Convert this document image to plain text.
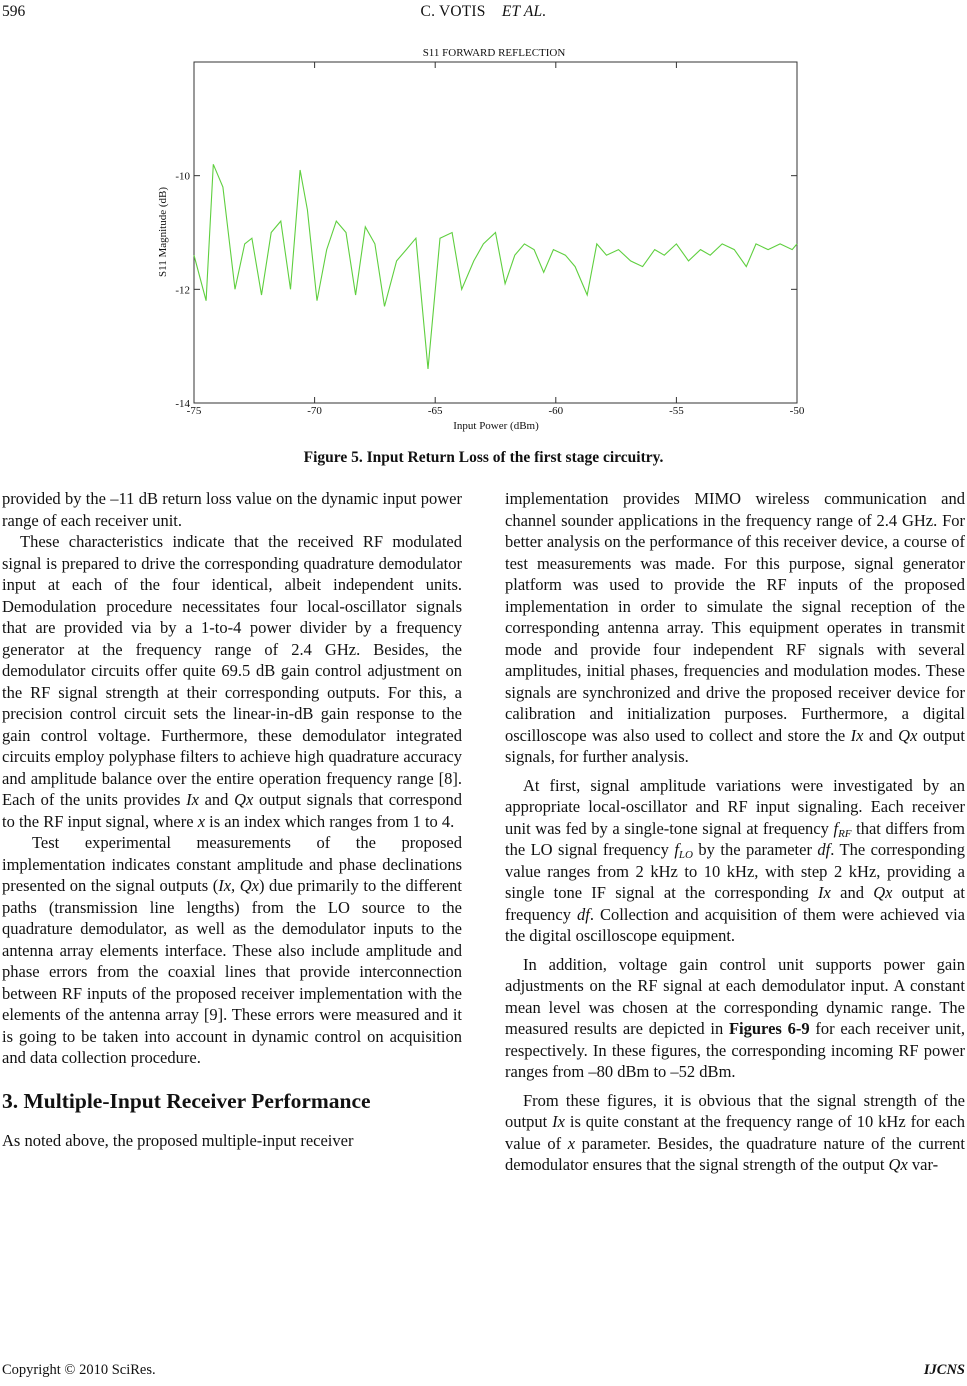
596	C. VOTIS ET AL.
S11 FORWARD REFLECTION
-14
-12
-10
-75	-70	-65	-60	-55	-50
S11 Magnitude (dB)
Input Power (dBm)
Figure 5. Input Return Loss of the first stage circuitry.

provided by the –11 dB return loss value on the dynamic input power range of each receiver unit.

These characteristics indicate that the received RF modulated signal is prepared to drive the corresponding quadrature demodulator input at each of the four identical, albeit independent units. Demodulation procedure necessitates four local-oscillator signals that are provided via by a 1-to-4 power divider by a frequency generator at the frequency range of 2.4 GHz. Besides, the demodulator circuits offer quite 69.5 dB gain control adjustment on the RF signal strength at their corresponding outputs. For this, a precision control circuit sets the linear-in-dB gain response to the gain control voltage. Furthermore, these demodulator integrated circuits employ polyphase filters to achieve high quadrature accuracy and amplitude balance over the entire operation frequency range [8]. Each of the units provides Ix and Qx output signals that correspond to the RF input signal, where x is an index which ranges from 1 to 4.

Test experimental measurements of the proposed implementation indicates constant amplitude and phase declinations presented on the signal outputs (Ix, Qx) due primarily to the different paths (transmission line lengths) from the LO source to the quadrature demodulator, as well as the demodulator inputs to the antenna array elements interface. These also include amplitude and phase errors from the coaxial lines that provide interconnection between RF inputs of the proposed receiver implementation with the elements of the antenna array [9]. These errors were measured and it is going to be taken into account in dynamic control on acquisition and data collection procedure.

3. Multiple-Input Receiver Performance

As noted above, the proposed multiple-input receiver

implementation provides MIMO wireless communication and channel sounder applications in the frequency range of 2.4 GHz. For better analysis on the performance of this receiver device, a course of test measurements was made. For this purpose, signal generator platform was used to provide the RF inputs of the proposed implementation in order to simulate the signal reception of the corresponding antenna array. This equipment operates in transmit mode and provide four independent RF signals with several amplitudes, initial phases, frequencies and modulation modes. These signals are synchronized and drive the proposed receiver device for calibration and initialization purposes. Furthermore, a digital oscilloscope was also used to collect and store the Ix and Qx output signals, for further analysis.

At first, signal amplitude variations were investigated by an appropriate local-oscillator and RF input signaling. Each receiver unit was fed by a single-tone signal at frequency $f_{RF}$ that differs from the LO signal frequency $f_{LO}$ by the parameter df. The corresponding value ranges from 2 kHz to 10 kHz, with step 2 kHz, providing a single tone IF signal at the corresponding Ix and Qx output at frequency df. Collection and acquisition of them were achieved via the digital oscilloscope equipment.

In addition, voltage gain control unit supports power gain adjustments on the RF signal at each demodulator input. A constant mean level was chosen at the corresponding dynamic range. The measured results are depicted in Figures 6-9 for each receiver unit, respectively. In these figures, the corresponding incoming RF power ranges from –80 dBm to –52 dBm.

From these figures, it is obvious that the signal strength of the output Ix is quite constant at the frequency range of 10 kHz for each value of x parameter. Besides, the quadrature nature of the current demodulator ensures that the signal strength of the output Qx var-

Copyright © 2010 SciRes.	IJCNS
